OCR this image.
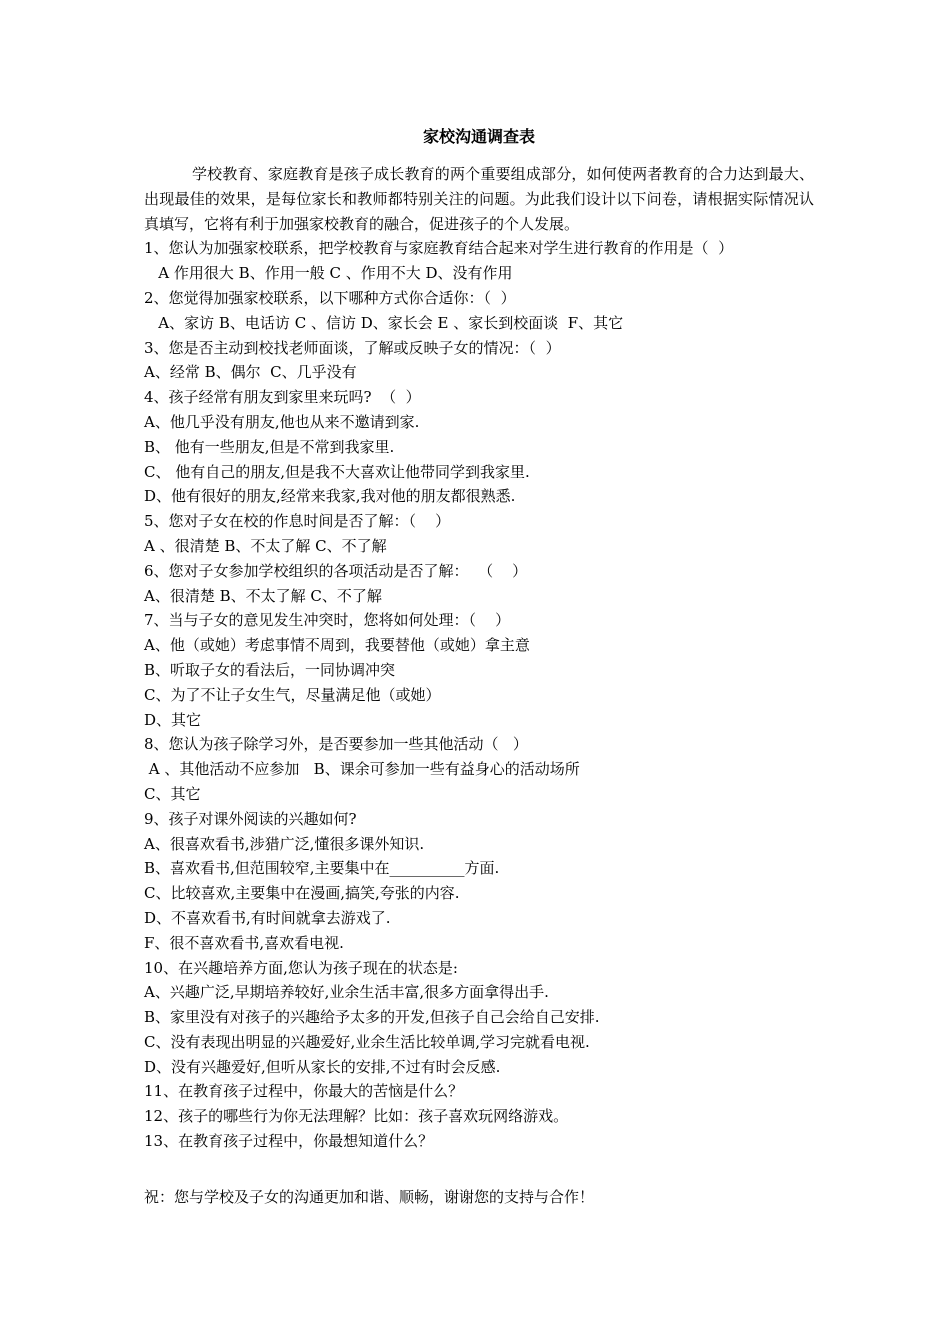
家校沟通调查表

学校教育、家庭教育是孩子成长教育的两个重要组成部分，如何使两者教育的合力达到最大、出现最佳的效果，是每位家长和教师都特别关注的问题。为此我们设计以下问卷，请根据实际情况认真填写，它将有利于加强家校教育的融合，促进孩子的个人发展。

1、您认为加强家校联系，把学校教育与家庭教育结合起来对学生进行教育的作用是（  ）
A 作用很大 B、作用一般 C 、作用不大 D、没有作用
2、您觉得加强家校联系，以下哪种方式你合适你：（  ）
A、家访 B、电话访 C 、信访 D、家长会 E 、家长到校面谈  F、其它
3、您是否主动到校找老师面谈，了解或反映子女的情况：（  ）
A、经常 B、偶尔  C、几乎没有
4、孩子经常有朋友到家里来玩吗?  （  ）
A、他几乎没有朋友,他也从来不邀请到家.
B、 他有一些朋友,但是不常到我家里.
C、 他有自己的朋友,但是我不大喜欢让他带同学到我家里.
D、他有很好的朋友,经常来我家,我对他的朋友都很熟悉.
5、您对子女在校的作息时间是否了解：（    ）
A 、很清楚 B、不太了解 C、不了解
6、您对子女参加学校组织的各项活动是否了解：  （    ）
A、很清楚 B、不太了解 C、不了解
7、当与子女的意见发生冲突时，您将如何处理：（    ）
A、他（或她）考虑事情不周到，我要替他（或她）拿主意
B、听取子女的看法后，一同协调冲突
C、为了不让子女生气，尽量满足他（或她）
D、其它
8、您认为孩子除学习外，是否要参加一些其他活动（   ）
A 、其他活动不应参加   B、课余可参加一些有益身心的活动场所
C、其它
9、孩子对课外阅读的兴趣如何?
A、很喜欢看书,涉猎广泛,懂很多课外知识.
B、喜欢看书,但范围较窄,主要集中在__________方面.
C、比较喜欢,主要集中在漫画,搞笑,夸张的内容.
D、不喜欢看书,有时间就拿去游戏了.
F、很不喜欢看书,喜欢看电视.
10、在兴趣培养方面,您认为孩子现在的状态是:
A、兴趣广泛,早期培养较好,业余生活丰富,很多方面拿得出手.
B、家里没有对孩子的兴趣给予太多的开发,但孩子自己会给自己安排.
C、没有表现出明显的兴趣爱好,业余生活比较单调,学习完就看电视.
D、没有兴趣爱好,但听从家长的安排,不过有时会反感.
11、在教育孩子过程中，你最大的苦恼是什么？
12、孩子的哪些行为你无法理解？比如：孩子喜欢玩网络游戏。
13、在教育孩子过程中，你最想知道什么？
祝：您与学校及子女的沟通更加和谐、顺畅，谢谢您的支持与合作！
